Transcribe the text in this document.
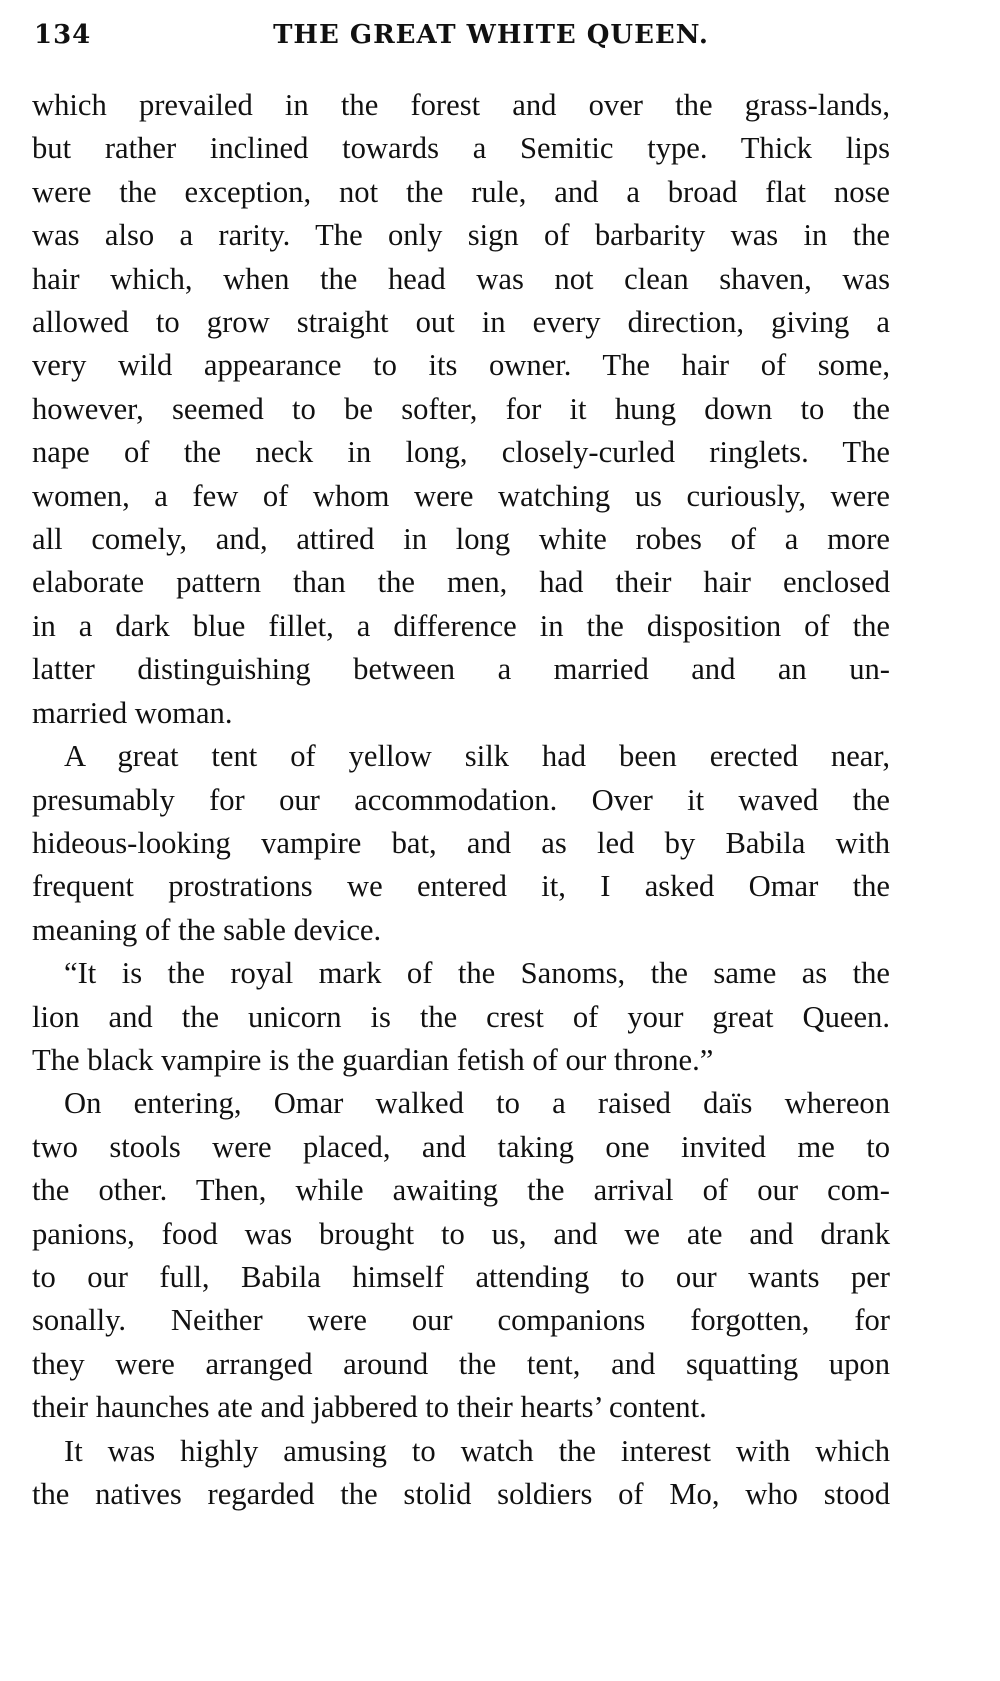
134	THE GREAT WHITE QUEEN.
which prevailed in the forest and over the grass-lands,
but rather inclined towards a Semitic type. Thick lips
were the exception, not the rule, and a broad flat nose
was also a rarity. The only sign of barbarity was in the
hair which, when the head was not clean shaven, was
allowed to grow straight out in every direction, giving a
very wild appearance to its owner. The hair of some,
however, seemed to be softer, for it hung down to the
nape of the neck in long, closely-curled ringlets. The
women, a few of whom were watching us curiously, were
all comely, and, attired in long white robes of a more
elaborate pattern than the men, had their hair enclosed
in a dark blue fillet, a difference in the disposition of the
latter distinguishing between a married and an un-
married woman.
A great tent of yellow silk had been erected near,
presumably for our accommodation. Over it waved the
hideous-looking vampire bat, and as led by Babila with
frequent prostrations we entered it, I asked Omar the
meaning of the sable device.
“It is the royal mark of the Sanoms, the same as the
lion and the unicorn is the crest of your great Queen.
The black vampire is the guardian fetish of our throne.”
On entering, Omar walked to a raised daïs whereon
two stools were placed, and taking one invited me to
the other. Then, while awaiting the arrival of our com-
panions, food was brought to us, and we ate and drank
to our full, Babila himself attending to our wants per
sonally. Neither were our companions forgotten, for
they were arranged around the tent, and squatting upon
their haunches ate and jabbered to their hearts’ content.
It was highly amusing to watch the interest with which
the natives regarded the stolid soldiers of Mo, who stood
